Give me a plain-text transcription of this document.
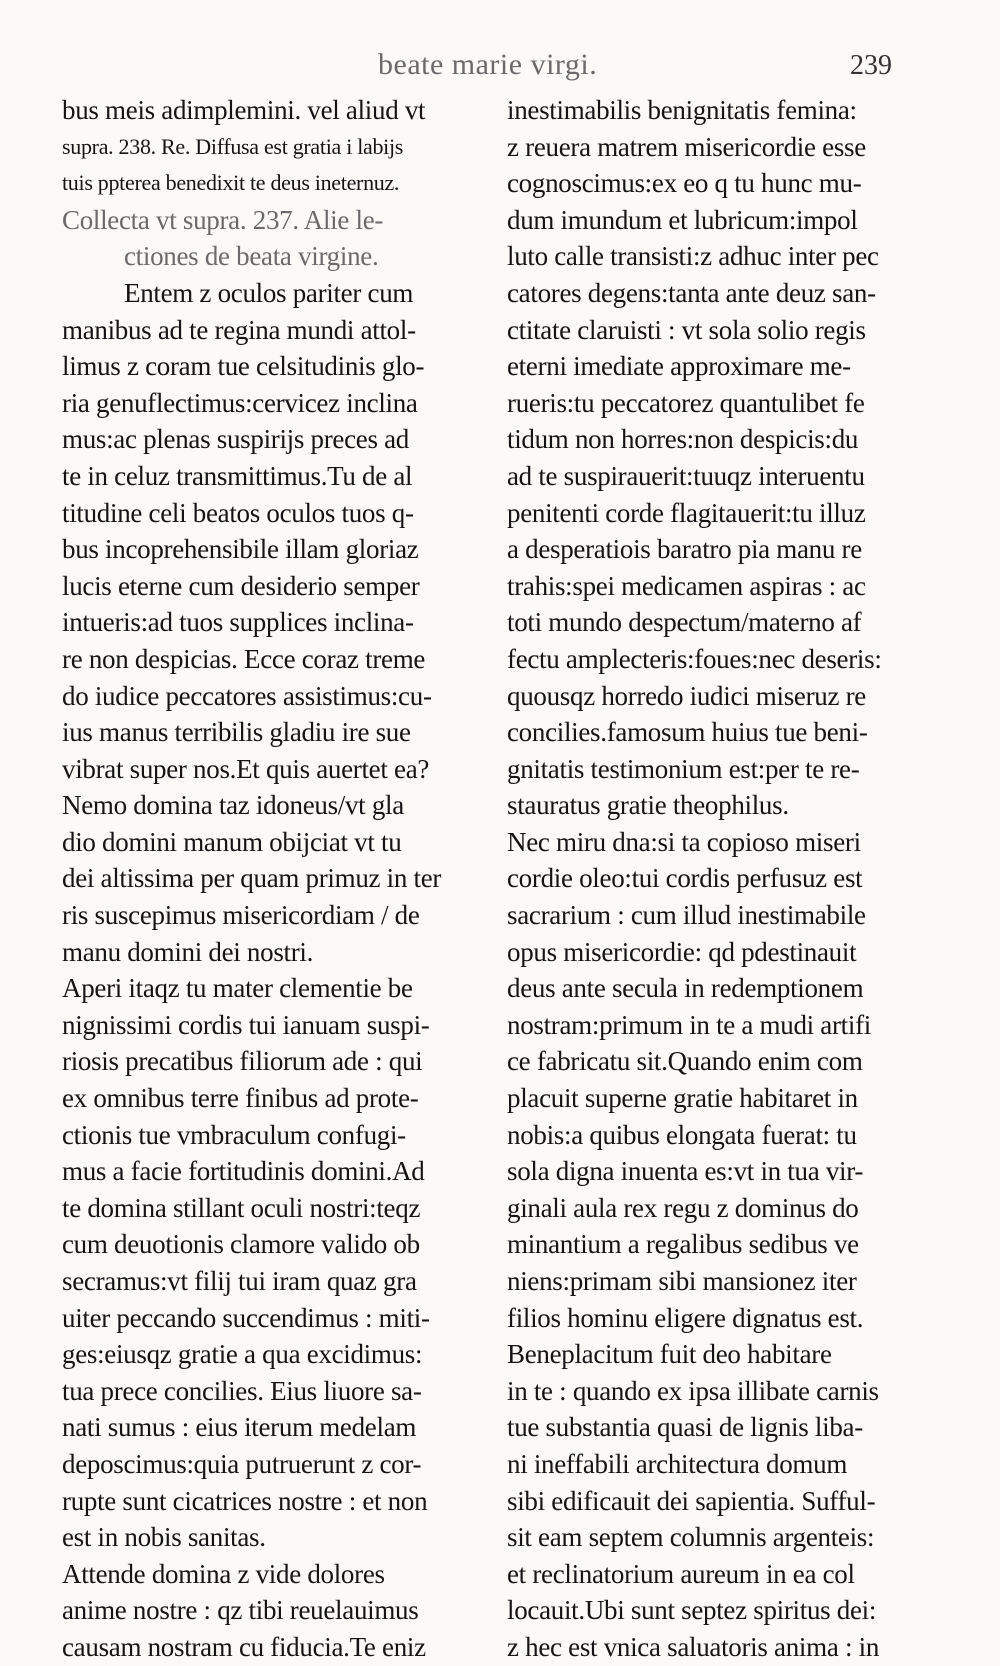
beate marie virgi.	239
bus meis adimplemini. vel aliud vt
supra. 238. Re. Diffusa est gratia i labijs
tuis ppterea benedixit te deus ineternuz.
Collecta vt supra. 237. Alie le-
ctiones de beata virgine.
Entem z oculos pariter cum
manibus ad te regina mundi attol-
limus z coram tue celsitudinis glo-
ria genuflectimus:cervicez inclina
mus:ac plenas suspirijs preces ad
te in celuz transmittimus.Tu de al
titudine celi beatos oculos tuos q-
bus incoprehensibile illam gloriaz
lucis eterne cum desiderio semper
intueris:ad tuos supplices inclina-
re non despicias. Ecce coraz treme
do iudice peccatores assistimus:cu-
ius manus terribilis gladiu ire sue
vibrat super nos.Et quis auertet ea?
Nemo domina taz idoneus/vt gla
dio domini manum obijciat vt tu
dei altissima per quam primuz in ter
ris suscepimus misericordiam / de
manu domini dei nostri.
Aperi itaqz tu mater clementie be
nignissimi cordis tui ianuam suspi-
riosis precatibus filiorum ade : qui
ex omnibus terre finibus ad prote-
ctionis tue vmbraculum confugi-
mus a facie fortitudinis domini.Ad
te domina stillant oculi nostri:teqz
cum deuotionis clamore valido ob
secramus:vt filij tui iram quaz gra
uiter peccando succendimus : miti-
ges:eiusqz gratie a qua excidimus:
tua prece concilies. Eius liuore sa-
nati sumus : eius iterum medelam
deposcimus:quia putruerunt z cor-
rupte sunt cicatrices nostre : et non
est in nobis sanitas.
Attende domina z vide dolores
anime nostre : qz tibi reuelauimus
causam nostram cu fiducia.Te eniz
inestimabilis benignitatis femina:
z reuera matrem misericordie esse
cognoscimus:ex eo q tu hunc mu-
dum imundum et lubricum:impol
luto calle transisti:z adhuc inter pec
catores degens:tanta ante deuz san-
ctitate claruisti : vt sola solio regis
eterni imediate approximare me-
rueris:tu peccatorez quantulibet fe
tidum non horres:non despicis:du
ad te suspirauerit:tuuqz interuentu
penitenti corde flagitauerit:tu illuz
a desperatiois baratro pia manu re
trahis:spei medicamen aspiras : ac
toti mundo despectum/materno af
fectu amplecteris:foues:nec deseris:
quousqz horredo iudici miseruz re
concilies.famosum huius tue beni-
gnitatis testimonium est:per te re-
stauratus gratie theophilus.
Nec miru dna:si ta copioso miseri
cordie oleo:tui cordis perfusuz est
sacrarium : cum illud inestimabile
opus misericordie: qd pdestinauit
deus ante secula in redemptionem
nostram:primum in te a mudi artifi
ce fabricatu sit.Quando enim com
placuit superne gratie habitaret in
nobis:a quibus elongata fuerat: tu
sola digna inuenta es:vt in tua vir-
ginali aula rex regu z dominus do
minantium a regalibus sedibus ve
niens:primam sibi mansionez iter
filios hominu eligere dignatus est.
Beneplacitum fuit deo habitare
in te : quando ex ipsa illibate carnis
tue substantia quasi de lignis liba-
ni ineffabili architectura domum
sibi edificauit dei sapientia. Sufful-
sit eam septem columnis argenteis:
et reclinatorium aureum in ea col
locauit.Ubi sunt septez spiritus dei:
z hec est vnica saluatoris anima : in
